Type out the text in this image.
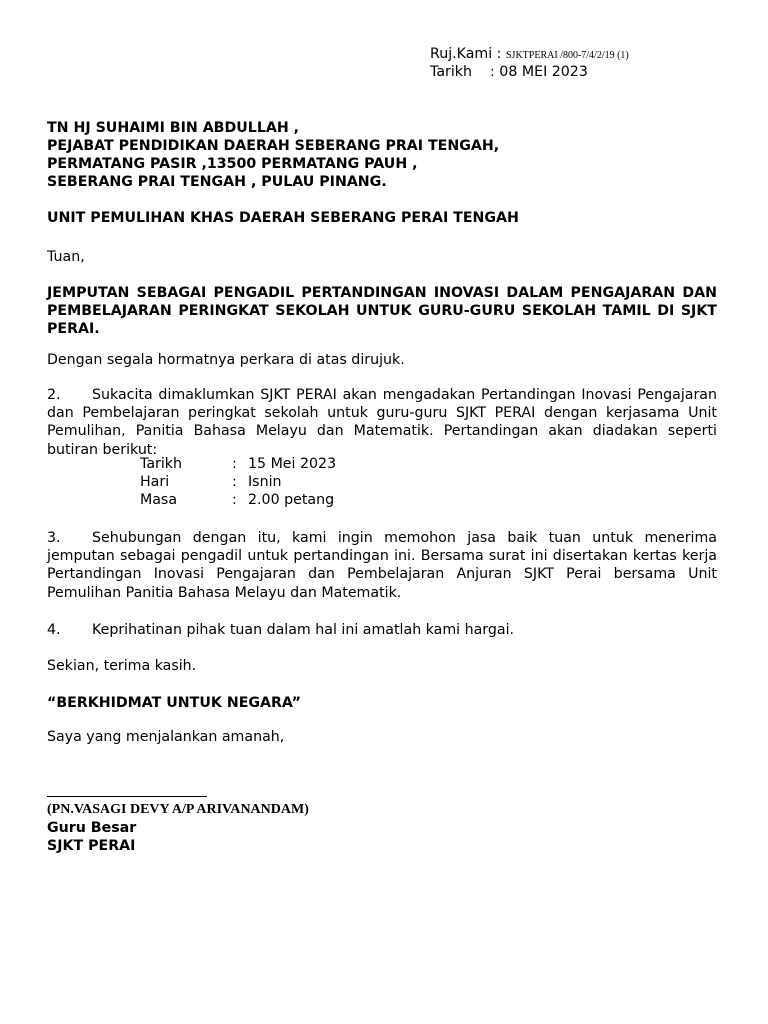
Ruj.Kami : SJKTPERAI /800-7/4/2/19 (1)
Tarikh : 08 MEI 2023
TN HJ SUHAIMI BIN ABDULLAH ,
PEJABAT PENDIDIKAN DAERAH SEBERANG PRAI TENGAH,
PERMATANG PASIR ,13500 PERMATANG PAUH ,
SEBERANG PRAI TENGAH , PULAU PINANG.
UNIT PEMULIHAN KHAS DAERAH SEBERANG PERAI TENGAH
Tuan,
JEMPUTAN SEBAGAI PENGADIL PERTANDINGAN INOVASI DALAM PENGAJARAN DAN
PEMBELAJARAN PERINGKAT SEKOLAH UNTUK GURU-GURU SEKOLAH TAMIL DI SJKT
PERAI.
Dengan segala hormatnya perkara di atas dirujuk.
2. Sukacita dimaklumkan SJKT PERAI akan mengadakan Pertandingan Inovasi Pengajaran dan Pembelajaran peringkat sekolah untuk guru-guru SJKT PERAI dengan kerjasama Unit Pemulihan, Panitia Bahasa Melayu dan Matematik. Pertandingan akan diadakan seperti butiran berikut:
Tarikh	: 15 Mei 2023
Hari	: Isnin
Masa	: 2.00 petang
3. Sehubungan dengan itu, kami ingin memohon jasa baik tuan untuk menerima jemputan sebagai pengadil untuk pertandingan ini. Bersama surat ini disertakan kertas kerja Pertandingan Inovasi Pengajaran dan Pembelajaran Anjuran SJKT Perai bersama Unit Pemulihan Panitia Bahasa Melayu dan Matematik.
4. Keprihatinan pihak tuan dalam hal ini amatlah kami hargai.
Sekian, terima kasih.
“BERKHIDMAT UNTUK NEGARA”
Saya yang menjalankan amanah,
(PN.VASAGI DEVY A/P ARIVANANDAM)
Guru Besar
SJKT PERAI
